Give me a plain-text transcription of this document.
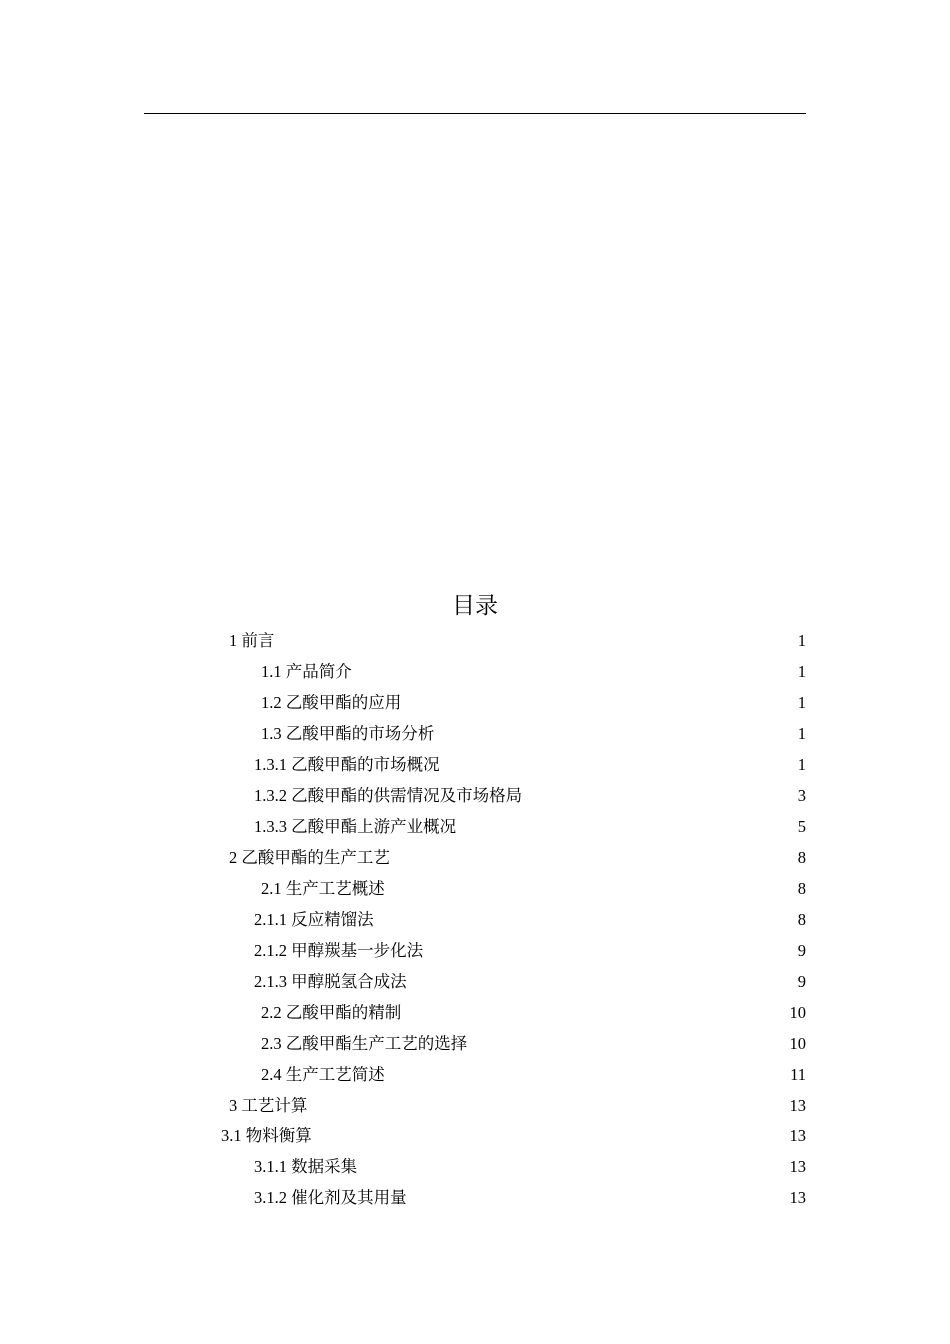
目录
1 前言	1
1.1 产品简介	1
1.2 乙酸甲酯的应用	1
1.3 乙酸甲酯的市场分析	1
1.3.1 乙酸甲酯的市场概况	1
1.3.2 乙酸甲酯的供需情况及市场格局	3
1.3.3 乙酸甲酯上游产业概况	5
2 乙酸甲酯的生产工艺	8
2.1 生产工艺概述	8
2.1.1 反应精馏法	8
2.1.2 甲醇羰基一步化法	9
2.1.3 甲醇脱氢合成法	9
2.2 乙酸甲酯的精制	10
2.3 乙酸甲酯生产工艺的选择	10
2.4 生产工艺简述	11
3 工艺计算	13
3.1 物料衡算	13
3.1.1 数据采集	13
3.1.2 催化剂及其用量	13
